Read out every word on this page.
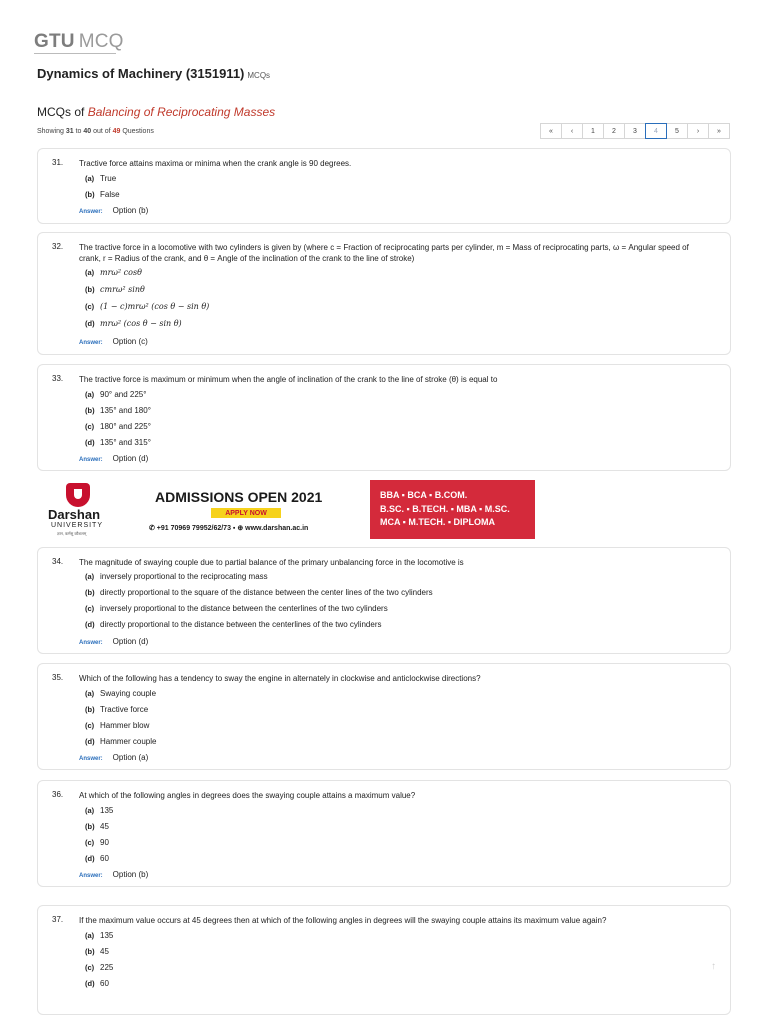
GTU MCQ
Dynamics of Machinery (3151911) MCQs
MCQs of Balancing of Reciprocating Masses
Showing 31 to 40 out of 49 Questions	«	‹	1	2	3	4	5	›	»
31. Tractive force attains maxima or minima when the crank angle is 90 degrees.
(a) True
(b) False
Answer: Option (b)
32. The tractive force in a locomotive with two cylinders is given by (where c = Fraction of reciprocating parts per cylinder, m = Mass of reciprocating parts, ω = Angular speed of crank, r = Radius of the crank, and θ = Angle of the inclination of the crank to the line of stroke)
(a) mrω² cosθ
(b) cmrω² sinθ
(c) (1 − c)mrω² (cos θ − sin θ)
(d) mrω² (cos θ − sin θ)
Answer: Option (c)
33. The tractive force is maximum or minimum when the angle of inclination of the crank to the line of stroke (θ) is equal to
(a) 90° and 225°
(b) 135° and 180°
(c) 180° and 225°
(d) 135° and 315°
Answer: Option (d)
Darshan
UNIVERSITY
ज्ञान, कर्मसु कौशलम्
ADMISSIONS OPEN 2021
APPLY NOW
✆ +91 70969 79952/62/73 ▪ ⊕ www.darshan.ac.in
BBA ▪ BCA ▪ B.COM.
B.SC. ▪ B.TECH. ▪ MBA ▪ M.SC.
MCA ▪ M.TECH. ▪ DIPLOMA
34. The magnitude of swaying couple due to partial balance of the primary unbalancing force in the locomotive is
(a) inversely proportional to the reciprocating mass
(b) directly proportional to the square of the distance between the center lines of the two cylinders
(c) inversely proportional to the distance between the centerlines of the two cylinders
(d) directly proportional to the distance between the centerlines of the two cylinders
Answer: Option (d)
35. Which of the following has a tendency to sway the engine in alternately in clockwise and anticlockwise directions?
(a) Swaying couple
(b) Tractive force
(c) Hammer blow
(d) Hammer couple
Answer: Option (a)
36. At which of the following angles in degrees does the swaying couple attains a maximum value?
(a) 135
(b) 45
(c) 90
(d) 60
Answer: Option (b)
37. If the maximum value occurs at 45 degrees then at which of the following angles in degrees will the swaying couple attains its maximum value again?
(a) 135
(b) 45
(c) 225
(d) 60
↑
